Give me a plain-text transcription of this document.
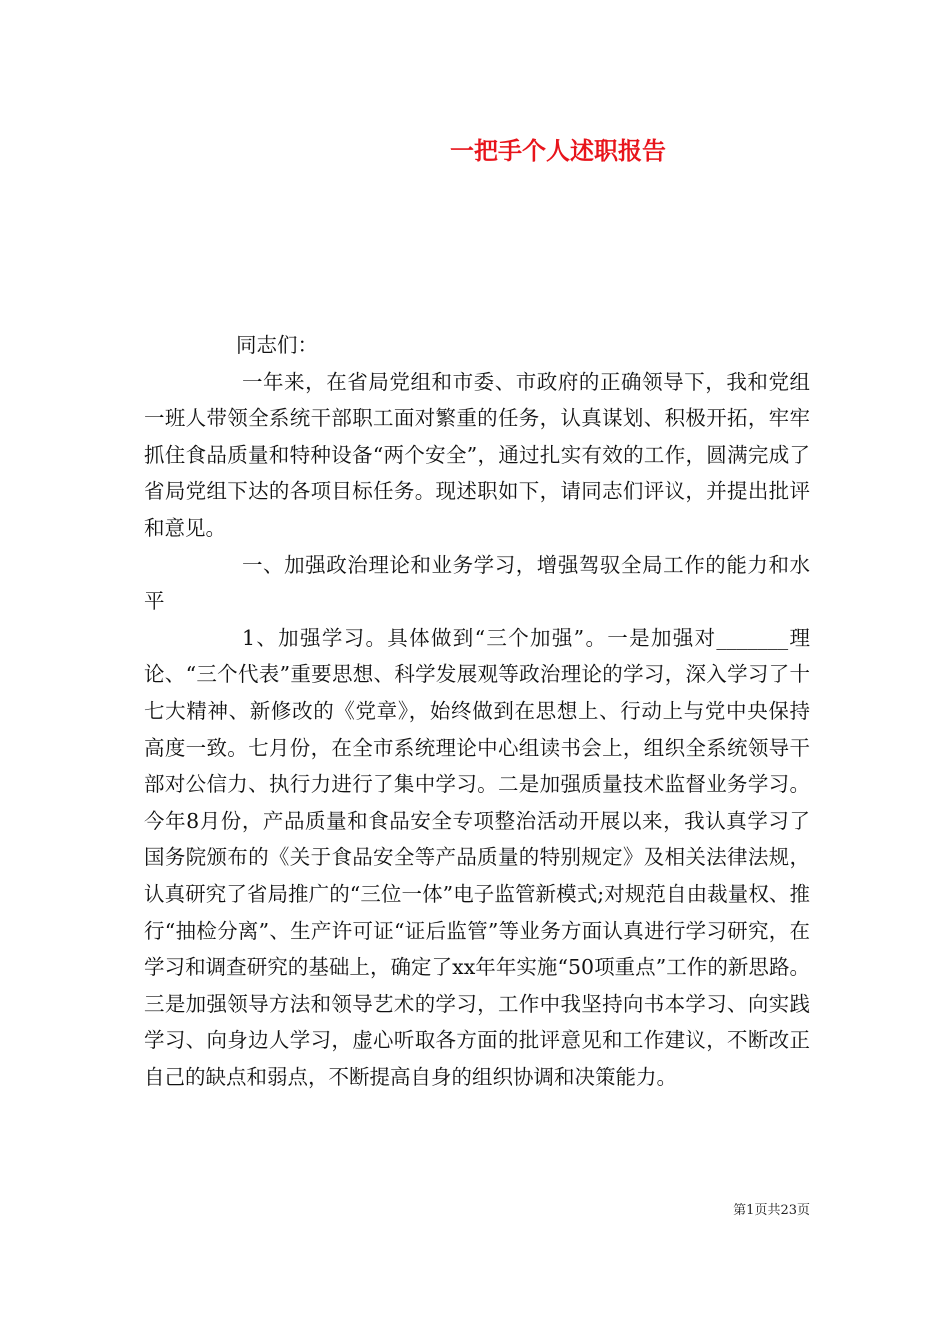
一把手个人述职报告

同志们：

一年来，在省局党组和市委、市政府的正确领导下，我和党组一班人带领全系统干部职工面对繁重的任务，认真谋划、积极开拓，牢牢抓住食品质量和特种设备“两个安全”，通过扎实有效的工作，圆满完成了省局党组下达的各项目标任务。现述职如下，请同志们评议，并提出批评和意见。

一、加强政治理论和业务学习，增强驾驭全局工作的能力和水平

1、加强学习。具体做到“三个加强”。一是加强对_______理论、“三个代表”重要思想、科学发展观等政治理论的学习，深入学习了十七大精神、新修改的《党章》，始终做到在思想上、行动上与党中央保持高度一致。七月份，在全市系统理论中心组读书会上，组织全系统领导干部对公信力、执行力进行了集中学习。二是加强质量技术监督业务学习。今年8月份，产品质量和食品安全专项整治活动开展以来，我认真学习了国务院颁布的《关于食品安全等产品质量的特别规定》及相关法律法规，认真研究了省局推广的“三位一体”电子监管新模式;对规范自由裁量权、推行“抽检分离”、生产许可证“证后监管”等业务方面认真进行学习研究，在学习和调查研究的基础上，确定了xx年年实施“50项重点”工作的新思路。三是加强领导方法和领导艺术的学习，工作中我坚持向书本学习、向实践学习、向身边人学习，虚心听取各方面的批评意见和工作建议，不断改正自己的缺点和弱点，不断提高自身的组织协调和决策能力。

第1页共23页
